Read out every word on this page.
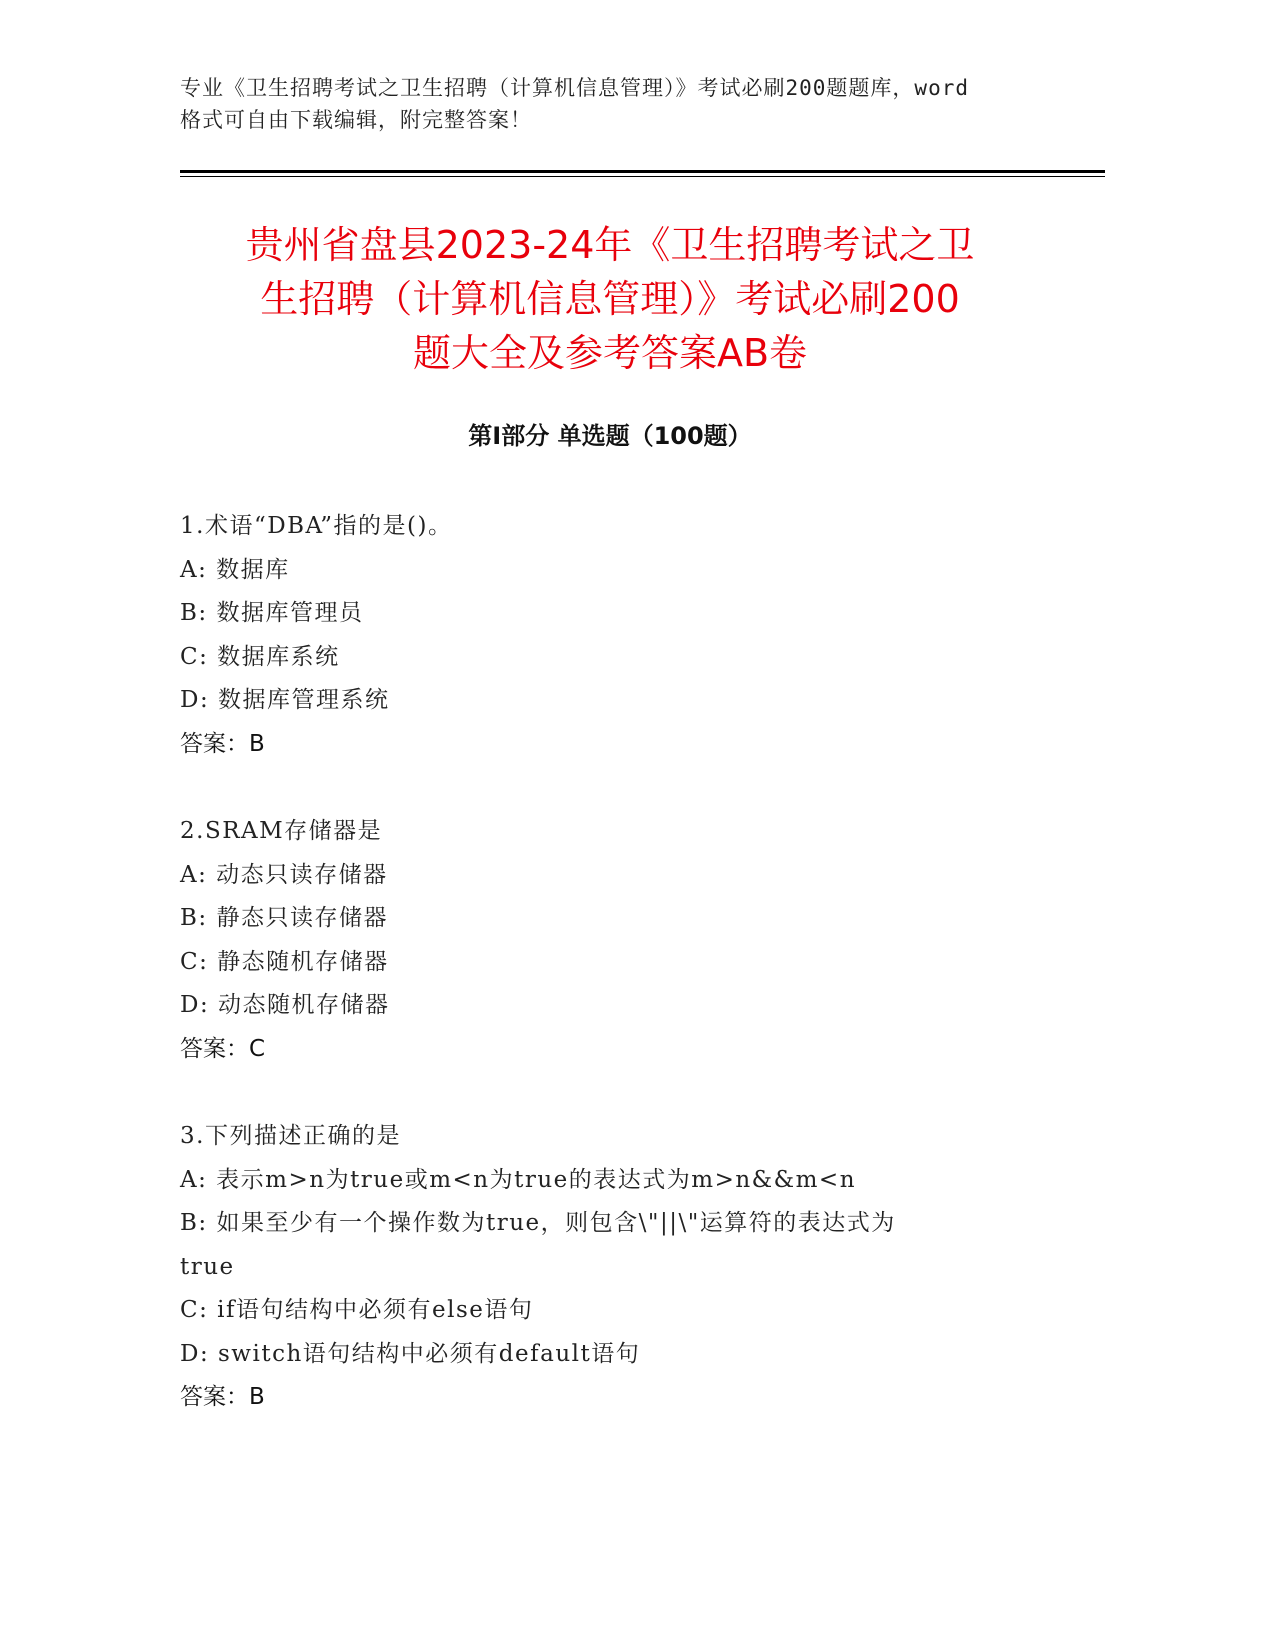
专业《卫生招聘考试之卫生招聘（计算机信息管理）》考试必刷200题题库，word
格式可自由下载编辑，附完整答案！
贵州省盘县2023-24年《卫生招聘考试之卫
生招聘（计算机信息管理）》考试必刷200
题大全及参考答案AB卷
第Ⅰ部分 单选题（100题）
1.术语“DBA”指的是()。
A: 数据库
B: 数据库管理员
C: 数据库系统
D: 数据库管理系统
答案：B
2.SRAM存储器是
A: 动态只读存储器
B: 静态只读存储器
C: 静态随机存储器
D: 动态随机存储器
答案：C
3.下列描述正确的是
A: 表示m>n为true或m<n为true的表达式为m>n&&m<n
B: 如果至少有一个操作数为true，则包含\"||\"运算符的表达式为
true
C: if语句结构中必须有else语句
D: switch语句结构中必须有default语句
答案：B
